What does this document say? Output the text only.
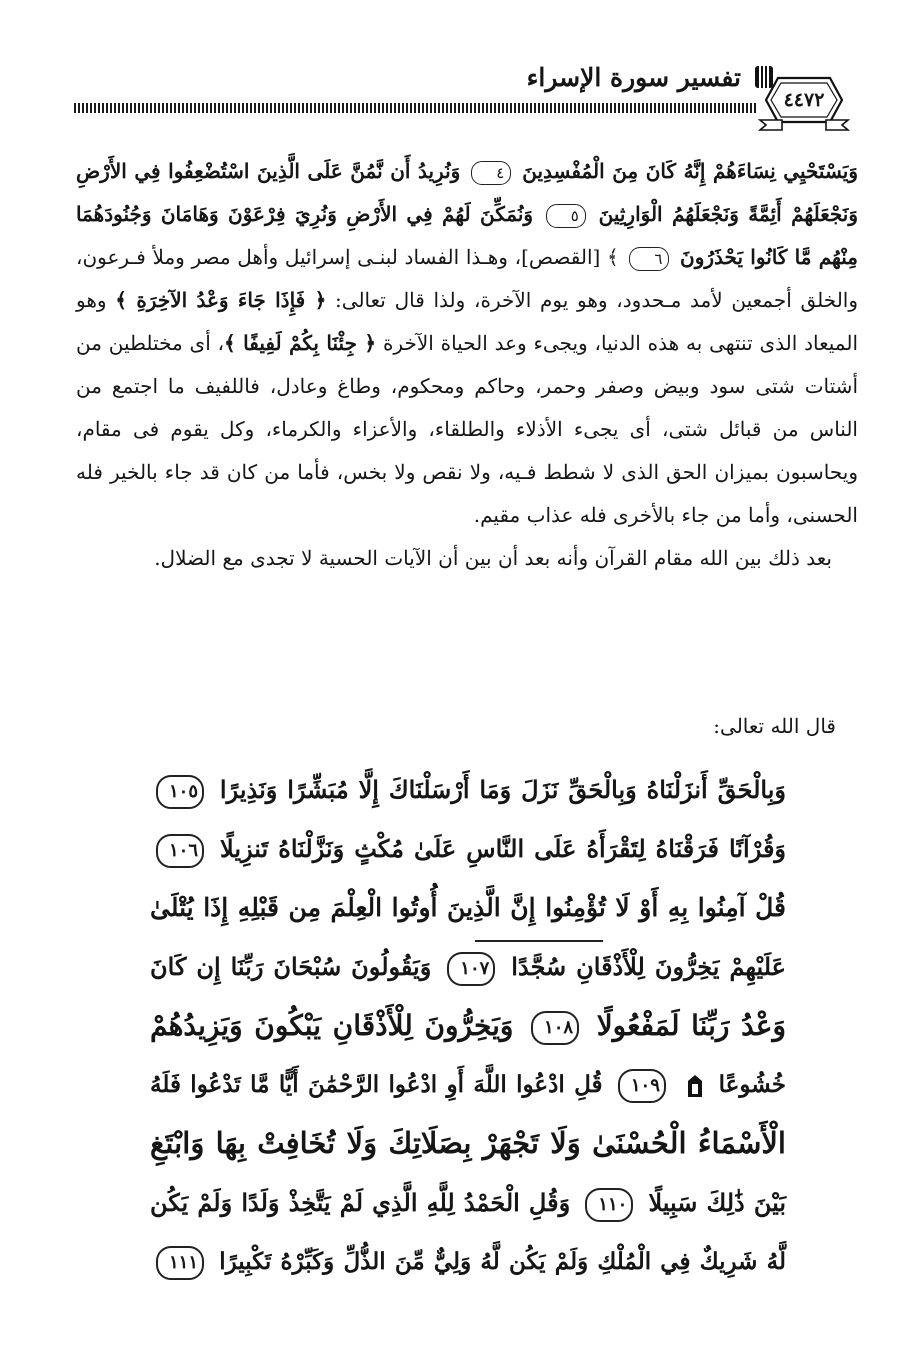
تفسير سورة الإسراء
٤٤٧٢

وَيَسْتَحْيِي نِسَاءَهُمْ إِنَّهُ كَانَ مِنَ الْمُفْسِدِينَ ٤ وَنُرِيدُ أَن نَّمُنَّ عَلَى الَّذِينَ اسْتُضْعِفُوا فِي الأَرْضِ وَنَجْعَلَهُمْ أَئِمَّةً وَنَجْعَلَهُمُ الْوَارِثِينَ ٥ وَنُمَكِّنَ لَهُمْ فِي الأَرْضِ وَنُرِيَ فِرْعَوْنَ وَهَامَانَ وَجُنُودَهُمَا مِنْهُم مَّا كَانُوا يَحْذَرُونَ ٦ ﴾ [القصص]، وهـذا الفساد لبنـى إسرائيل وأهل مصر وملأ فـرعون، والخلق أجمعين لأمد مـحدود، وهو يوم الآخرة، ولذا قال تعالى: ﴿ فَإِذَا جَاءَ وَعْدُ الآخِرَةِ ﴾ وهو الميعاد الذى تنتهى به هذه الدنيا، ويجىء وعد الحياة الآخرة ﴿ جِئْنَا بِكُمْ لَفِيفًا ﴾، أى مختلطين من أشتات شتى سود وبيض وصفر وحمر، وحاكم ومحكوم، وطاغ وعادل، فاللفيف ما اجتمع من الناس من قبائل شتى، أى يجىء الأذلاء والطلقاء، والأعزاء والكرماء، وكل يقوم فى مقام، ويحاسبون بميزان الحق الذى لا شطط فـيه، ولا نقص ولا بخس، فأما من كان قد جاء بالخير فله الحسنى، وأما من جاء بالأخرى فله عذاب مقيم.

بعد ذلك بين الله مقام القرآن وأنه بعد أن بين أن الآيات الحسية لا تجدى مع الضلال.

قال الله تعالى:
وَبِالْحَقِّ أَنزَلْنَاهُ وَبِالْحَقِّ نَزَلَ وَمَا أَرْسَلْنَاكَ إِلَّا مُبَشِّرًا وَنَذِيرًا ١٠٥
وَقُرْآنًا فَرَقْنَاهُ لِتَقْرَأَهُ عَلَى النَّاسِ عَلَىٰ مُكْثٍ وَنَزَّلْنَاهُ تَنزِيلًا ١٠٦
قُلْ آمِنُوا بِهِ أَوْ لَا تُؤْمِنُوا إِنَّ الَّذِينَ أُوتُوا الْعِلْمَ مِن قَبْلِهِ إِذَا يُتْلَىٰ
عَلَيْهِمْ يَخِرُّونَ لِلْأَذْقَانِ سُجَّدًا ١٠٧ وَيَقُولُونَ سُبْحَانَ رَبِّنَا إِن كَانَ
وَعْدُ رَبِّنَا لَمَفْعُولًا ١٠٨ وَيَخِرُّونَ لِلْأَذْقَانِ يَبْكُونَ وَيَزِيدُهُمْ
خُشُوعًا  ١٠٩ قُلِ ادْعُوا اللَّهَ أَوِ ادْعُوا الرَّحْمَٰنَ أَيًّا مَّا تَدْعُوا فَلَهُ
الْأَسْمَاءُ الْحُسْنَىٰ وَلَا تَجْهَرْ بِصَلَاتِكَ وَلَا تُخَافِتْ بِهَا وَابْتَغِ
بَيْنَ ذَٰلِكَ سَبِيلًا ١١٠ وَقُلِ الْحَمْدُ لِلَّهِ الَّذِي لَمْ يَتَّخِذْ وَلَدًا وَلَمْ يَكُن
لَّهُ شَرِيكٌ فِي الْمُلْكِ وَلَمْ يَكُن لَّهُ وَلِيٌّ مِّنَ الذُّلِّ وَكَبِّرْهُ تَكْبِيرًا ١١١
